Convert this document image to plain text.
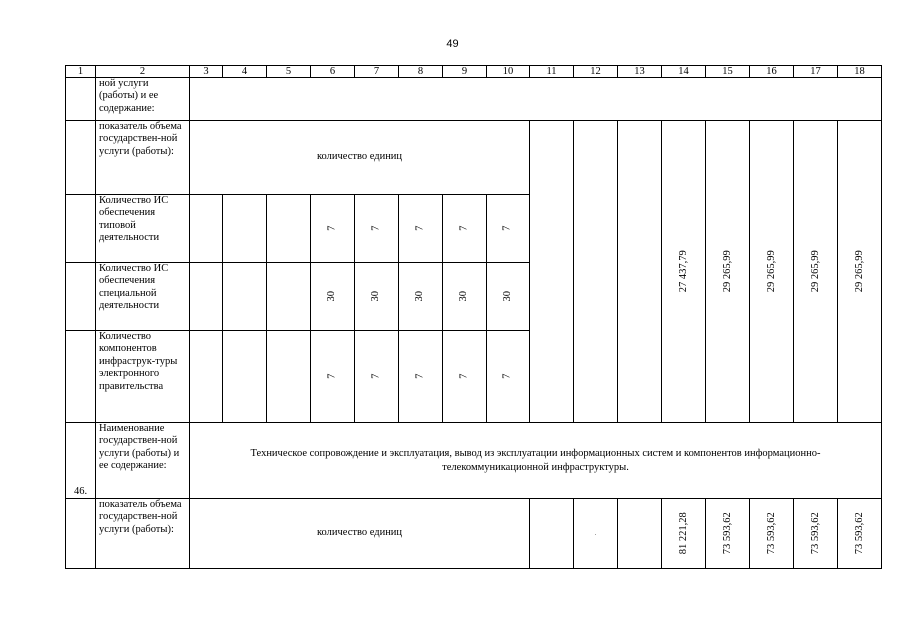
49
1	2	3	4	5	6	7	8	9	10	11	12	13	14	15	16	17	18
	ной услуги (работы) и ее содержание:																
	показатель объема государствен-ной услуги (работы):	количество единиц											27 437,79	29 265,99	29 265,99	29 265,99	29 265,99
	Количество ИС обеспечения типовой деятельности				7	7	7	7	7								
	Количество ИС обеспечения специальной деятельности				30	30	30	30	30								
	Количество компонентов инфраструк-туры электронного правительства				7	7	7	7	7								
46.	Наименование государствен-ной услуги (работы) и ее содержание:	Техническое сопровождение и эксплуатация, вывод из эксплуатации информационных систем и компонентов информационно-телекоммуникационной инфраструктуры.															
	показатель объема государствен-ной услуги (работы):	количество единиц									.		81 221,28	73 593,62	73 593,62	73 593,62	73 593,62
